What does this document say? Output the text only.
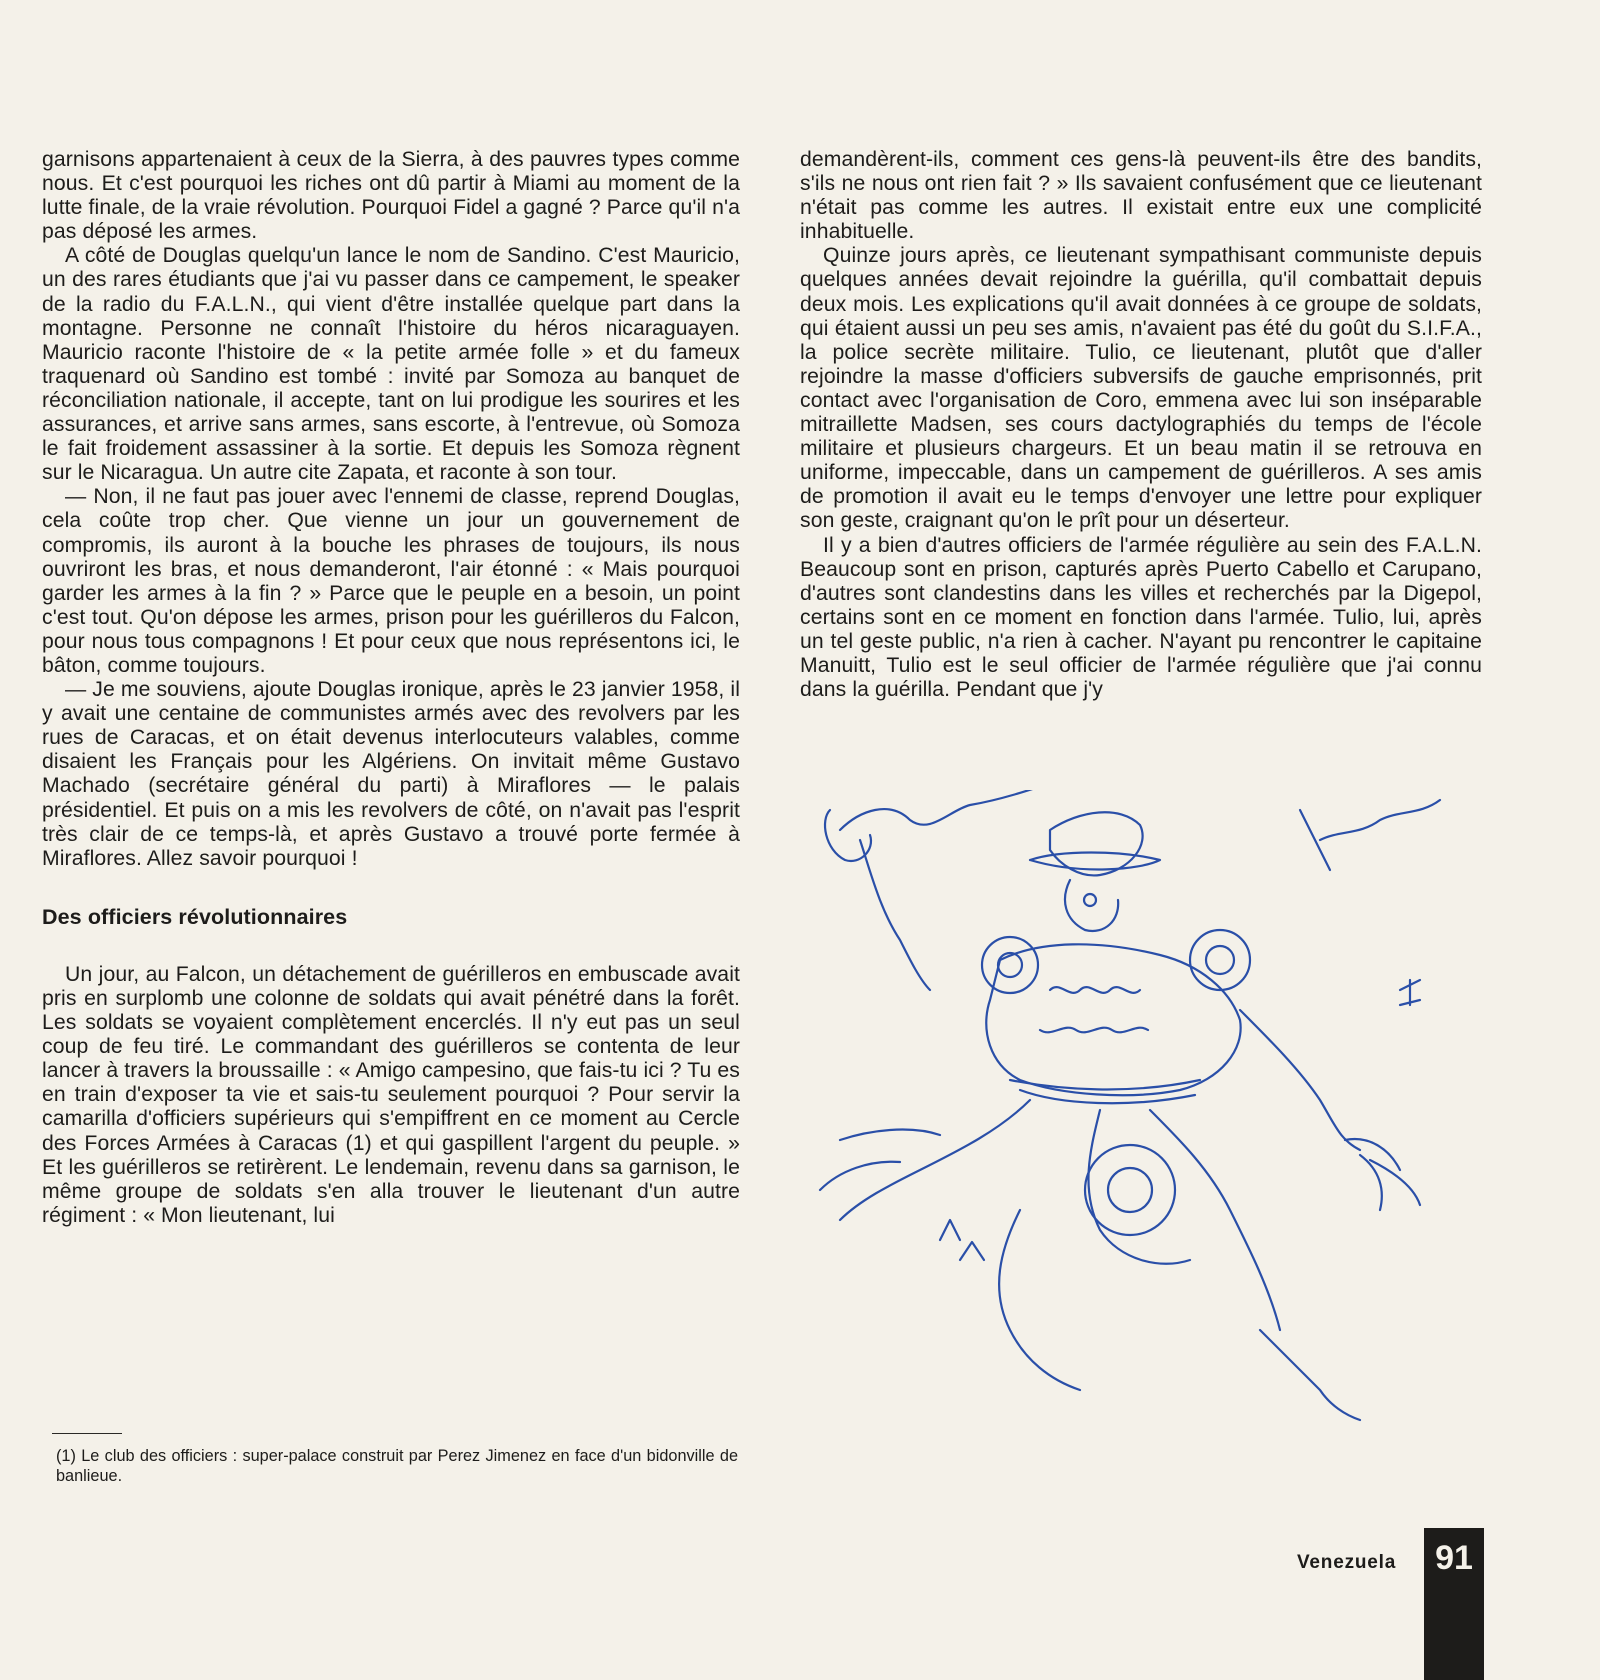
garnisons appartenaient à ceux de la Sierra, à des pauvres types comme nous. Et c'est pourquoi les riches ont dû partir à Miami au moment de la lutte finale, de la vraie révolution. Pourquoi Fidel a gagné ? Parce qu'il n'a pas déposé les armes.

A côté de Douglas quelqu'un lance le nom de Sandino. C'est Mauricio, un des rares étudiants que j'ai vu passer dans ce campement, le speaker de la radio du F.A.L.N., qui vient d'être installée quelque part dans la montagne. Personne ne connaît l'histoire du héros nicaraguayen. Mauricio raconte l'histoire de « la petite armée folle » et du fameux traquenard où Sandino est tombé : invité par Somoza au banquet de réconciliation nationale, il accepte, tant on lui prodigue les sourires et les assurances, et arrive sans armes, sans escorte, à l'entrevue, où Somoza le fait froidement assassiner à la sortie. Et depuis les Somoza règnent sur le Nicaragua. Un autre cite Zapata, et raconte à son tour.

— Non, il ne faut pas jouer avec l'ennemi de classe, reprend Douglas, cela coûte trop cher. Que vienne un jour un gouvernement de compromis, ils auront à la bouche les phrases de toujours, ils nous ouvriront les bras, et nous demanderont, l'air étonné : « Mais pourquoi garder les armes à la fin ? » Parce que le peuple en a besoin, un point c'est tout. Qu'on dépose les armes, prison pour les guérilleros du Falcon, pour nous tous compagnons ! Et pour ceux que nous représentons ici, le bâton, comme toujours.

— Je me souviens, ajoute Douglas ironique, après le 23 janvier 1958, il y avait une centaine de communistes armés avec des revolvers par les rues de Caracas, et on était devenus interlocuteurs valables, comme disaient les Français pour les Algériens. On invitait même Gustavo Machado (secrétaire général du parti) à Miraflores — le palais présidentiel. Et puis on a mis les revolvers de côté, on n'avait pas l'esprit très clair de ce temps-là, et après Gustavo a trouvé porte fermée à Miraflores. Allez savoir pourquoi !

Des officiers révolutionnaires

Un jour, au Falcon, un détachement de guérilleros en embuscade avait pris en surplomb une colonne de soldats qui avait pénétré dans la forêt. Les soldats se voyaient complètement encerclés. Il n'y eut pas un seul coup de feu tiré. Le commandant des guérilleros se contenta de leur lancer à travers la broussaille : « Amigo campesino, que fais-tu ici ? Tu es en train d'exposer ta vie et sais-tu seulement pourquoi ? Pour servir la camarilla d'officiers supérieurs qui s'empiffrent en ce moment au Cercle des Forces Armées à Caracas (1) et qui gaspillent l'argent du peuple. » Et les guérilleros se retirèrent. Le lendemain, revenu dans sa garnison, le même groupe de soldats s'en alla trouver le lieutenant d'un autre régiment : « Mon lieutenant, lui

demandèrent-ils, comment ces gens-là peuvent-ils être des bandits, s'ils ne nous ont rien fait ? » Ils savaient confusément que ce lieutenant n'était pas comme les autres. Il existait entre eux une complicité inhabituelle.

Quinze jours après, ce lieutenant sympathisant communiste depuis quelques années devait rejoindre la guérilla, qu'il combattait depuis deux mois. Les explications qu'il avait données à ce groupe de soldats, qui étaient aussi un peu ses amis, n'avaient pas été du goût du S.I.F.A., la police secrète militaire. Tulio, ce lieutenant, plutôt que d'aller rejoindre la masse d'officiers subversifs de gauche emprisonnés, prit contact avec l'organisation de Coro, emmena avec lui son inséparable mitraillette Madsen, ses cours dactylographiés du temps de l'école militaire et plusieurs chargeurs. Et un beau matin il se retrouva en uniforme, impeccable, dans un campement de guérilleros. A ses amis de promotion il avait eu le temps d'envoyer une lettre pour expliquer son geste, craignant qu'on le prît pour un déserteur.

Il y a bien d'autres officiers de l'armée régulière au sein des F.A.L.N. Beaucoup sont en prison, capturés après Puerto Cabello et Carupano, d'autres sont clandestins dans les villes et recherchés par la Digepol, certains sont en ce moment en fonction dans l'armée. Tulio, lui, après un tel geste public, n'a rien à cacher. N'ayant pu rencontrer le capitaine Manuitt, Tulio est le seul officier de l'armée régulière que j'ai connu dans la guérilla. Pendant que j'y

(1) Le club des officiers : super-palace construit par Perez Jimenez en face d'un bidonville de banlieue.
Venezuela	91
